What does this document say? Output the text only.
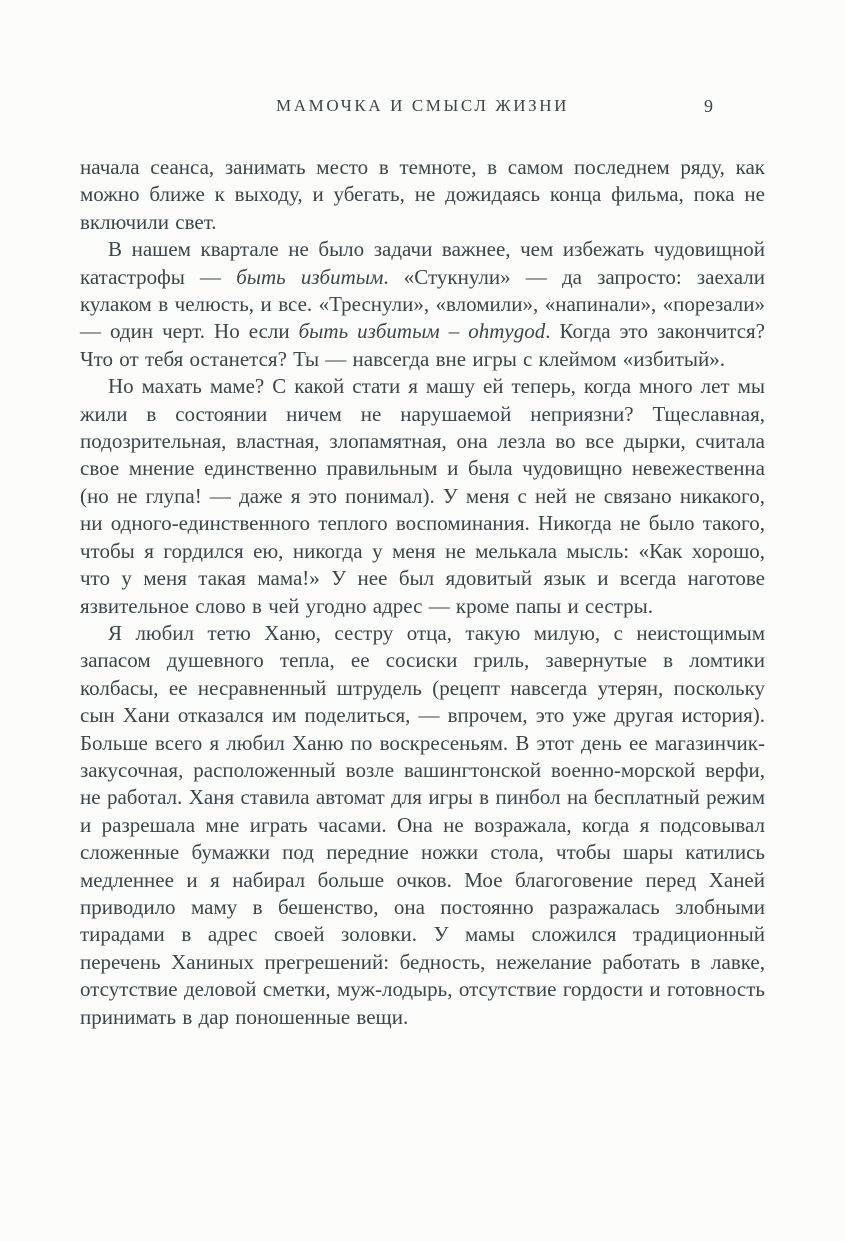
МАМОЧКА И СМЫСЛ ЖИЗНИ	9

начала сеанса, занимать место в темноте, в самом последнем ряду, как можно ближе к выходу, и убегать, не дожидаясь конца фильма, пока не включили свет.

В нашем квартале не было задачи важнее, чем избежать чудовищной катастрофы — быть избитым. «Стукнули» — да запросто: заехали кулаком в челюсть, и все. «Треснули», «вломили», «напинали», «порезали» — один черт. Но если быть избитым – ohmygod. Когда это закончится? Что от тебя останется? Ты — навсегда вне игры с клеймом «избитый».

Но махать маме? С какой стати я машу ей теперь, когда много лет мы жили в состоянии ничем не нарушаемой неприязни? Тщеславная, подозрительная, властная, злопамятная, она лезла во все дырки, считала свое мнение единственно правильным и была чудовищно невежественна (но не глупа! — даже я это понимал). У меня с ней не связано никакого, ни одного-единственного теплого воспоминания. Никогда не было такого, чтобы я гордился ею, никогда у меня не мелькала мысль: «Как хорошо, что у меня такая мама!» У нее был ядовитый язык и всегда наготове язвительное слово в чей угодно адрес — кроме папы и сестры.

Я любил тетю Ханю, сестру отца, такую милую, с неистощимым запасом душевного тепла, ее сосиски гриль, завернутые в ломтики колбасы, ее несравненный штрудель (рецепт навсегда утерян, поскольку сын Хани отказался им поделиться, — впрочем, это уже другая история). Больше всего я любил Ханю по воскресеньям. В этот день ее магазинчик-закусочная, расположенный возле вашингтонской военно-морской верфи, не работал. Ханя ставила автомат для игры в пинбол на бесплатный режим и разрешала мне играть часами. Она не возражала, когда я подсовывал сложенные бумажки под передние ножки стола, чтобы шары катились медленнее и я набирал больше очков. Мое благоговение перед Ханей приводило маму в бешенство, она постоянно разражалась злобными тирадами в адрес своей золовки. У мамы сложился традиционный перечень Ханиных прегрешений: бедность, нежелание работать в лавке, отсутствие деловой сметки, муж-лодырь, отсутствие гордости и готовность принимать в дар поношенные вещи.
